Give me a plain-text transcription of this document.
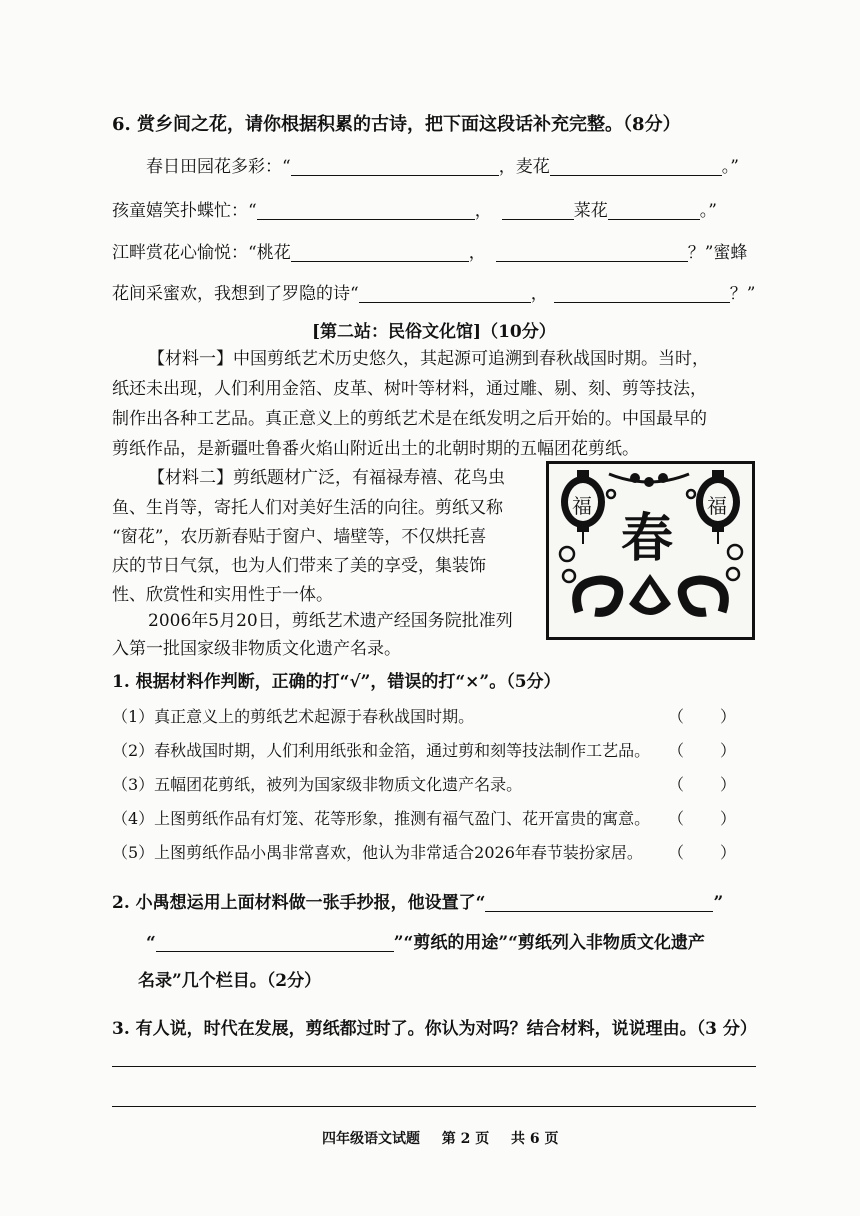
6. 赏乡间之花，请你根据积累的古诗，把下面这段话补充完整。（8分）
春日田园花多彩：“	，麦花	。”
孩童嬉笑扑蝶忙：“	，	菜花	。”
江畔赏花心愉悦：“桃花	，	？”蜜蜂
花间采蜜欢，我想到了罗隐的诗“	，	？”
[第二站：民俗文化馆]（10分）
【材料一】中国剪纸艺术历史悠久，其起源可追溯到春秋战国时期。当时，
纸还未出现，人们利用金箔、皮革、树叶等材料，通过雕、剔、刻、剪等技法，
制作出各种工艺品。真正意义上的剪纸艺术是在纸发明之后开始的。中国最早的
剪纸作品，是新疆吐鲁番火焰山附近出土的北朝时期的五幅团花剪纸。
【材料二】剪纸题材广泛，有福禄寿禧、花鸟虫
鱼、生肖等，寄托人们对美好生活的向往。剪纸又称
“窗花”，农历新春贴于窗户、墙壁等，不仅烘托喜
庆的节日气氛，也为人们带来了美的享受，集装饰
性、欣赏性和实用性于一体。
2006年5月20日，剪纸艺术遗产经国务院批准列
入第一批国家级非物质文化遗产名录。
春
福	福
1. 根据材料作判断，正确的打“√”，错误的打“×”。（5分）
（1）真正意义上的剪纸艺术起源于春秋战国时期。	（ ）
（2）春秋战国时期，人们利用纸张和金箔，通过剪和刻等技法制作工艺品。 （ ）
（3）五幅团花剪纸，被列为国家级非物质文化遗产名录。	（ ）
（4）上图剪纸作品有灯笼、花等形象，推测有福气盈门、花开富贵的寓意。 （ ）
（5）上图剪纸作品小禺非常喜欢，他认为非常适合2026年春节装扮家居。 （ ）
2. 小禺想运用上面材料做一张手抄报，他设置了“	”
“	”“剪纸的用途”“剪纸列入非物质文化遗产
名录”几个栏目。（2分）
3. 有人说，时代在发展，剪纸都过时了。你认为对吗？结合材料，说说理由。（3 分）
四年级语文试题 第 2 页 共 6 页
